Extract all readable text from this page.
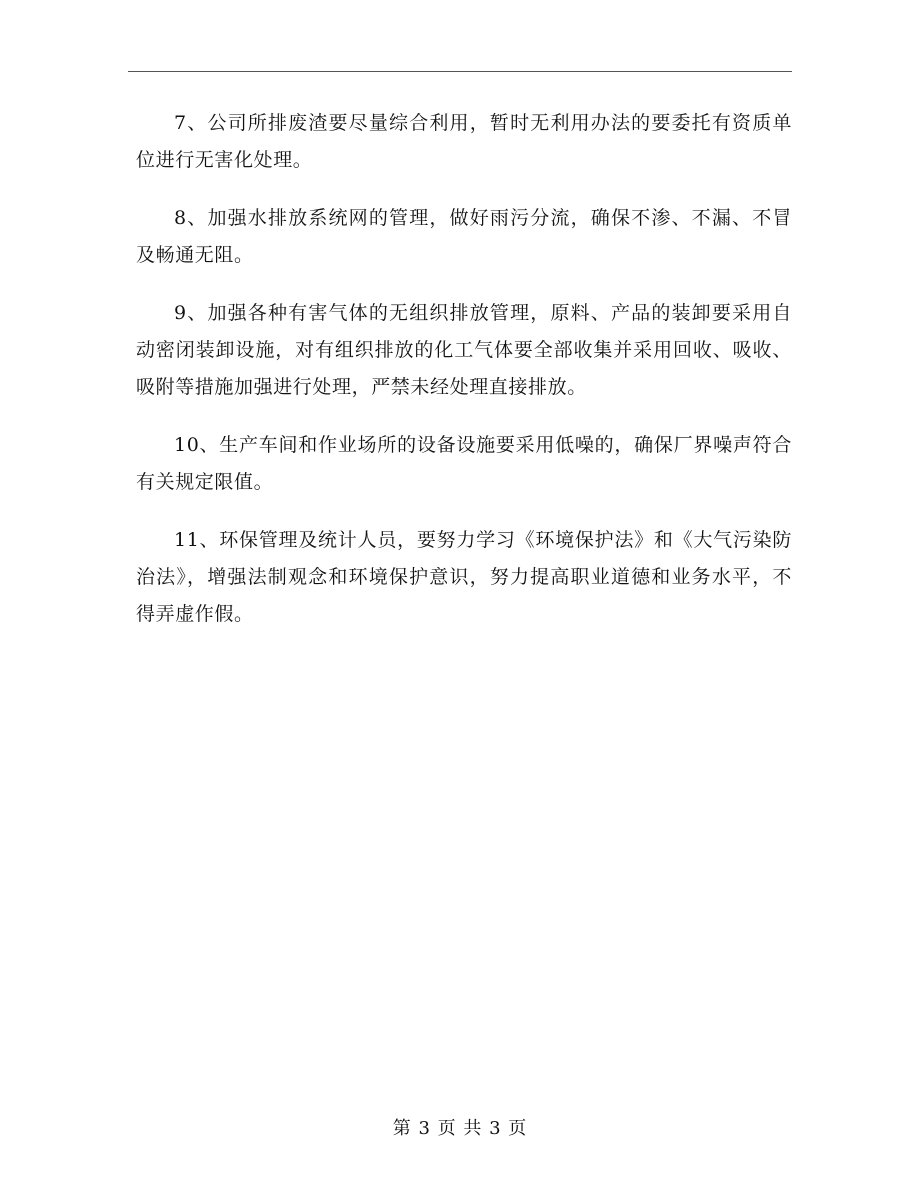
7、公司所排废渣要尽量综合利用，暂时无利用办法的要委托有资质单位进行无害化处理。

8、加强水排放系统网的管理，做好雨污分流，确保不渗、不漏、不冒及畅通无阻。

9、加强各种有害气体的无组织排放管理，原料、产品的装卸要采用自动密闭装卸设施，对有组织排放的化工气体要全部收集并采用回收、吸收、吸附等措施加强进行处理，严禁未经处理直接排放。

10、生产车间和作业场所的设备设施要采用低噪的，确保厂界噪声符合有关规定限值。

11、环保管理及统计人员，要努力学习《环境保护法》和《大气污染防治法》，增强法制观念和环境保护意识，努力提高职业道德和业务水平，不得弄虚作假。

第 3 页 共 3 页
